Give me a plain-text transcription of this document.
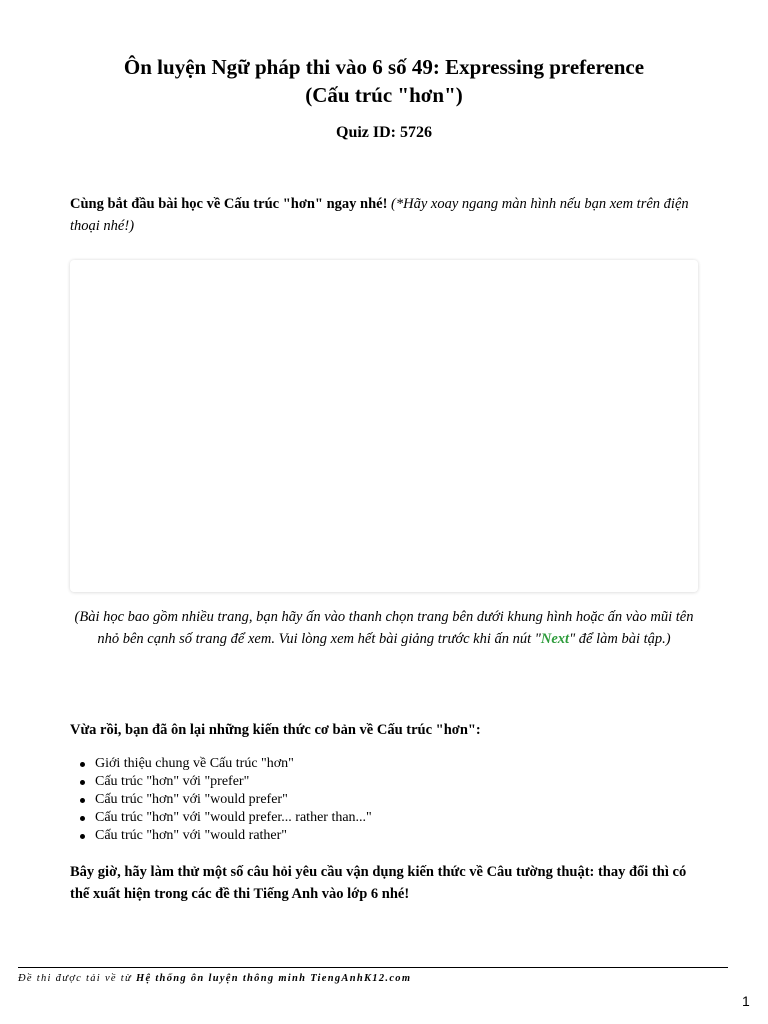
Ôn luyện Ngữ pháp thi vào 6 số 49: Expressing preference
(Cấu trúc "hơn")
Quiz ID: 5726
Cùng bắt đầu bài học về Cấu trúc "hơn" ngay nhé! (*Hãy xoay ngang màn hình nếu bạn xem trên điện thoại nhé!)
(Bài học bao gồm nhiều trang, bạn hãy ấn vào thanh chọn trang bên dưới khung hình hoặc ấn vào mũi tên nhỏ bên cạnh số trang để xem. Vui lòng xem hết bài giảng trước khi ấn nút "Next" để làm bài tập.)
Vừa rồi, bạn đã ôn lại những kiến thức cơ bản về Cấu trúc "hơn":
Giới thiệu chung về Cấu trúc "hơn"
Cấu trúc "hơn" với "prefer"
Cấu trúc "hơn" với "would prefer"
Cấu trúc "hơn" với "would prefer... rather than..."
Cấu trúc "hơn" với "would rather"
Bây giờ, hãy làm thử một số câu hỏi yêu cầu vận dụng kiến thức về Câu tường thuật: thay đổi thì có thể xuất hiện trong các đề thi Tiếng Anh vào lớp 6 nhé!
Đề thi được tải về từ Hệ thống ôn luyện thông minh TiengAnhK12.com
1
